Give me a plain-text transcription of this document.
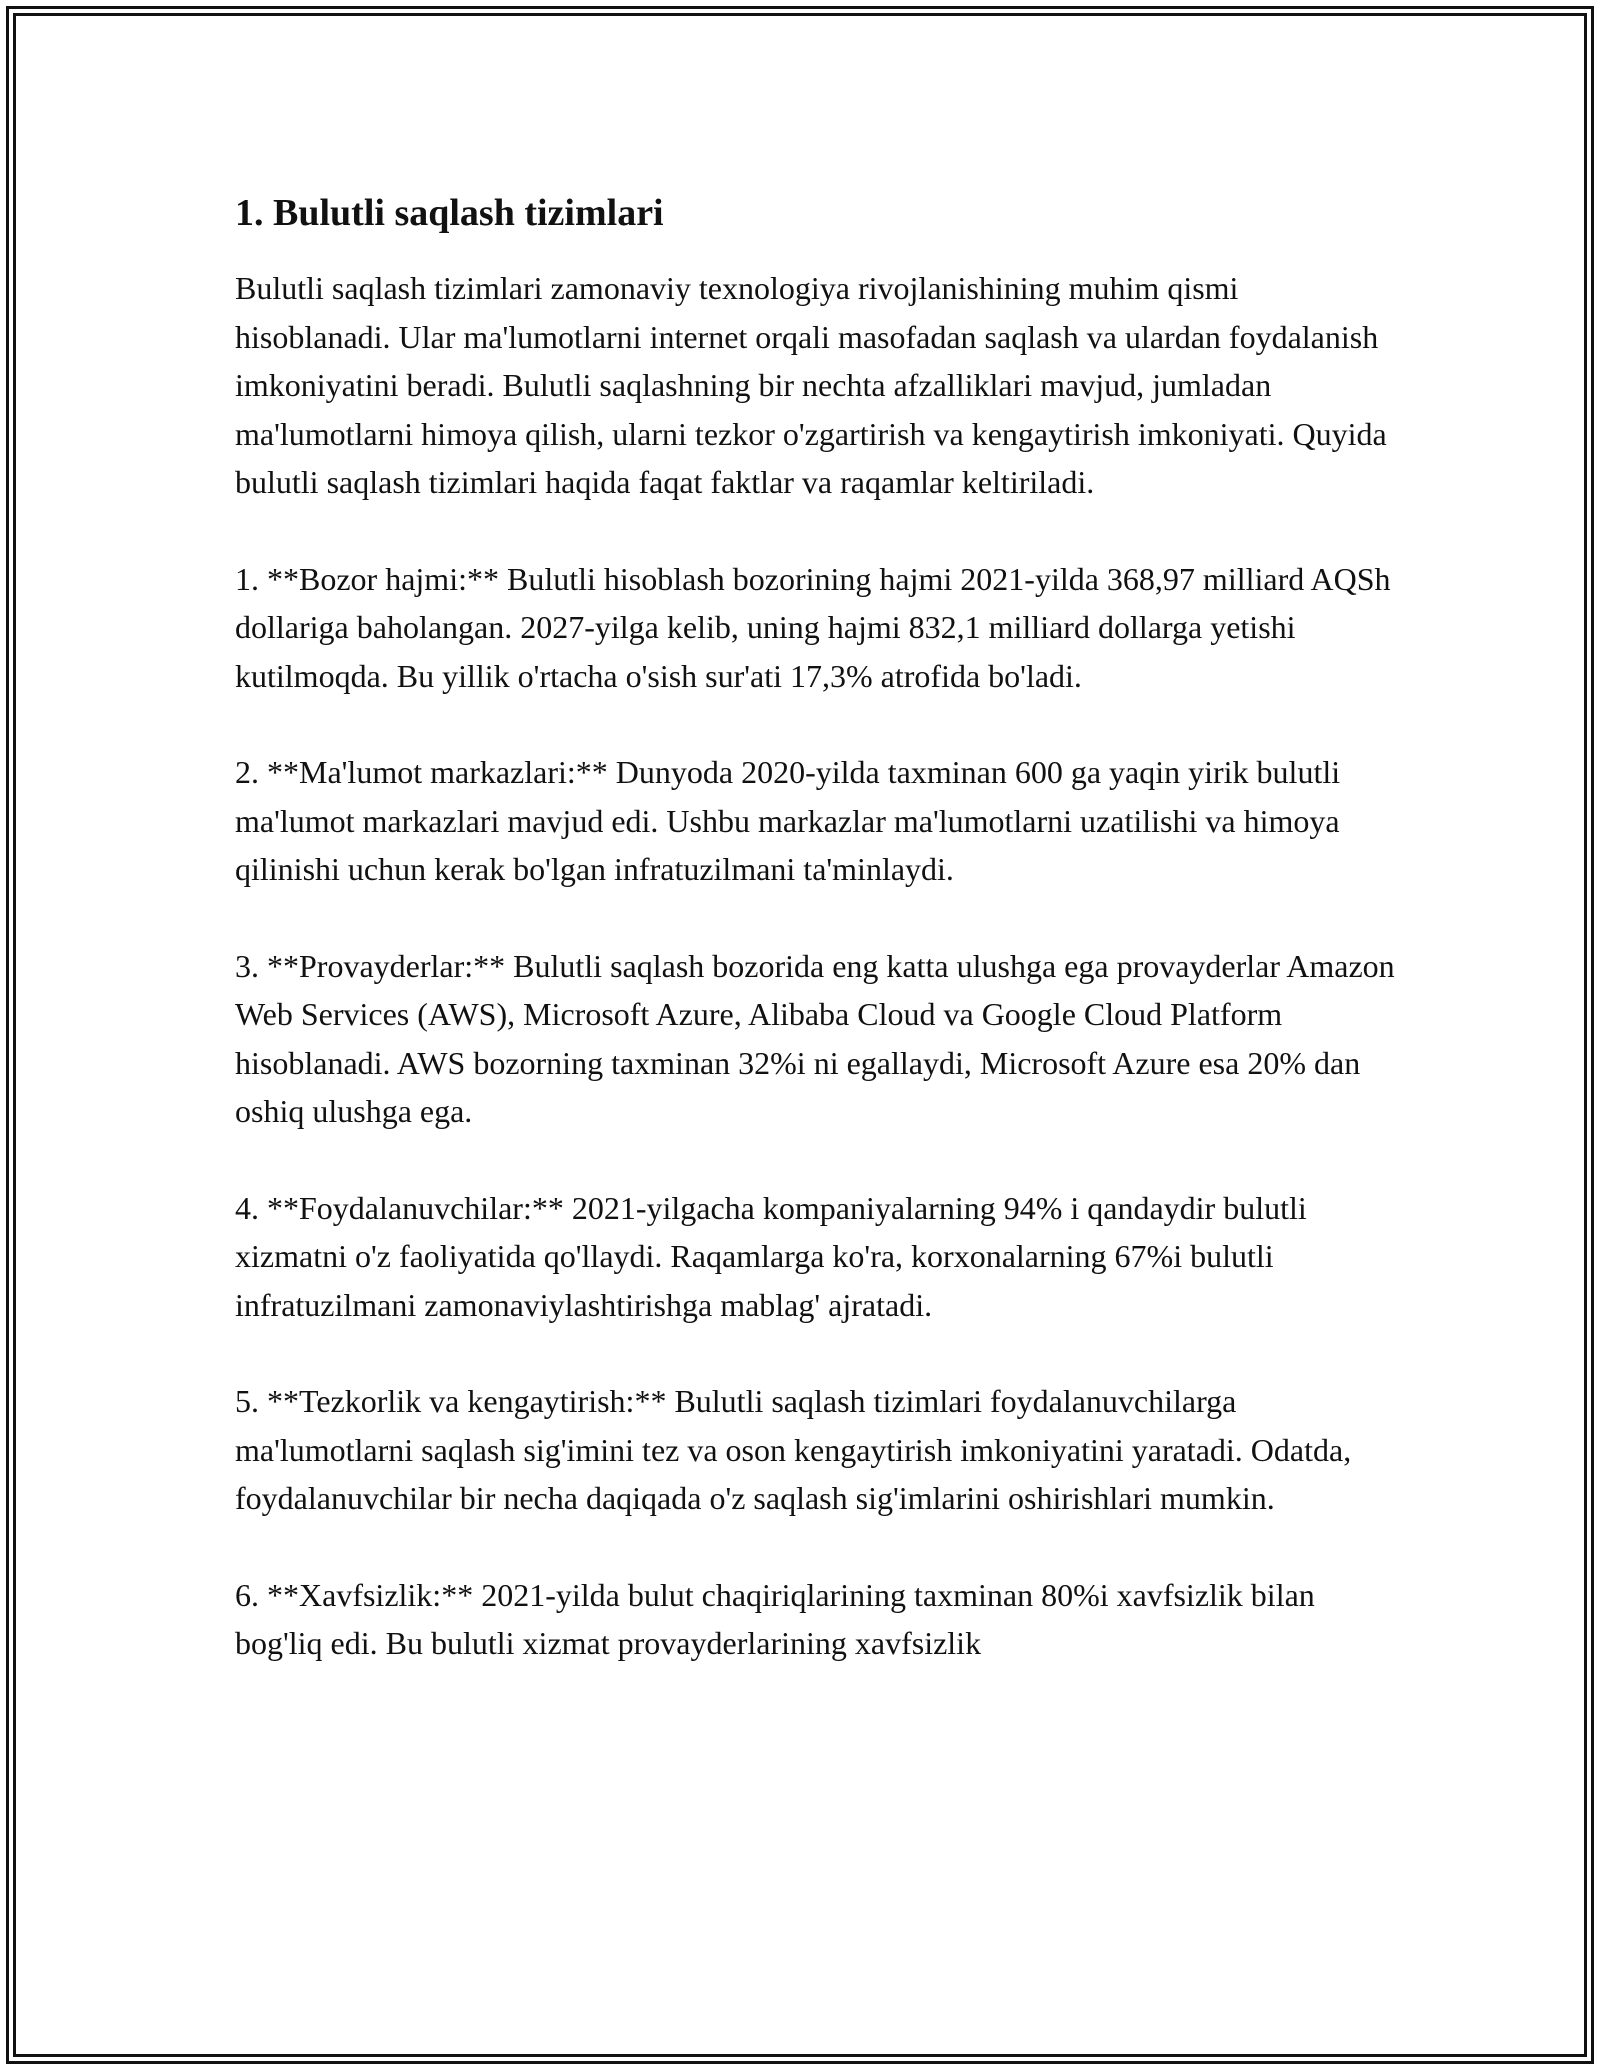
1. Bulutli saqlash tizimlari

Bulutli saqlash tizimlari zamonaviy texnologiya rivojlanishining muhim qismi hisoblanadi. Ular ma'lumotlarni internet orqali masofadan saqlash va ulardan foydalanish imkoniyatini beradi. Bulutli saqlashning bir nechta afzalliklari mavjud, jumladan ma'lumotlarni himoya qilish, ularni tezkor o'zgartirish va kengaytirish imkoniyati. Quyida bulutli saqlash tizimlari haqida faqat faktlar va raqamlar keltiriladi.

1. **Bozor hajmi:** Bulutli hisoblash bozorining hajmi 2021-yilda 368,97 milliard AQSh dollariga baholangan. 2027-yilga kelib, uning hajmi 832,1 milliard dollarga yetishi kutilmoqda. Bu yillik o'rtacha o'sish sur'ati 17,3% atrofida bo'ladi.

2. **Ma'lumot markazlari:** Dunyoda 2020-yilda taxminan 600 ga yaqin yirik bulutli ma'lumot markazlari mavjud edi. Ushbu markazlar ma'lumotlarni uzatilishi va himoya qilinishi uchun kerak bo'lgan infratuzilmani ta'minlaydi.

3. **Provayderlar:** Bulutli saqlash bozorida eng katta ulushga ega provayderlar Amazon Web Services (AWS), Microsoft Azure, Alibaba Cloud va Google Cloud Platform hisoblanadi. AWS bozorning taxminan 32%i ni egallaydi, Microsoft Azure esa 20% dan oshiq ulushga ega.

4. **Foydalanuvchilar:** 2021-yilgacha kompaniyalarning 94% i qandaydir bulutli xizmatni o'z faoliyatida qo'llaydi. Raqamlarga ko'ra, korxonalarning 67%i bulutli infratuzilmani zamonaviylashtirishga mablag' ajratadi.

5. **Tezkorlik va kengaytirish:** Bulutli saqlash tizimlari foydalanuvchilarga ma'lumotlarni saqlash sig'imini tez va oson kengaytirish imkoniyatini yaratadi. Odatda, foydalanuvchilar bir necha daqiqada o'z saqlash sig'imlarini oshirishlari mumkin.

6. **Xavfsizlik:** 2021-yilda bulut chaqiriqlarining taxminan 80%i xavfsizlik bilan bog'liq edi. Bu bulutli xizmat provayderlarining xavfsizlik
